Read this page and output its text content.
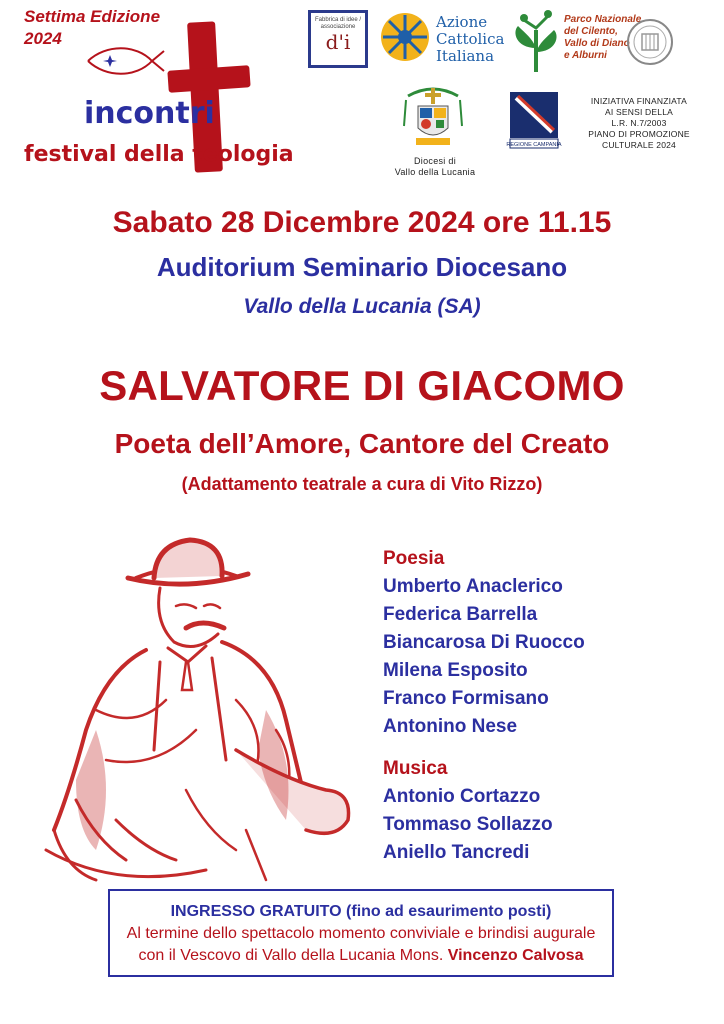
Settima Edizione
2024
incontri
festival della teologia
Fabbrica di idee / associazione
d'i
Azione
Cattolica
Italiana
Parco Nazionale
del Cilento,
Vallo di Diano
e Alburni
Diocesi di
Vallo della Lucania
REGIONE CAMPANIA
INIZIATIVA FINANZIATA
AI SENSI DELLA
L.R. N.7/2003
PIANO DI PROMOZIONE
CULTURALE 2024
Sabato 28 Dicembre 2024 ore 11.15
Auditorium Seminario Diocesano
Vallo della Lucania (SA)
SALVATORE DI GIACOMO
Poeta dell’Amore, Cantore del Creato
(Adattamento teatrale a cura di Vito Rizzo)
Poesia
Umberto Anaclerico
Federica Barrella
Biancarosa Di Ruocco
Milena Esposito
Franco Formisano
Antonino Nese
Musica
Antonio Cortazzo
Tommaso Sollazzo
Aniello Tancredi
INGRESSO GRATUITO (fino ad esaurimento posti)
Al termine dello spettacolo momento conviviale e brindisi augurale
con il Vescovo di Vallo della Lucania Mons. Vincenzo Calvosa
